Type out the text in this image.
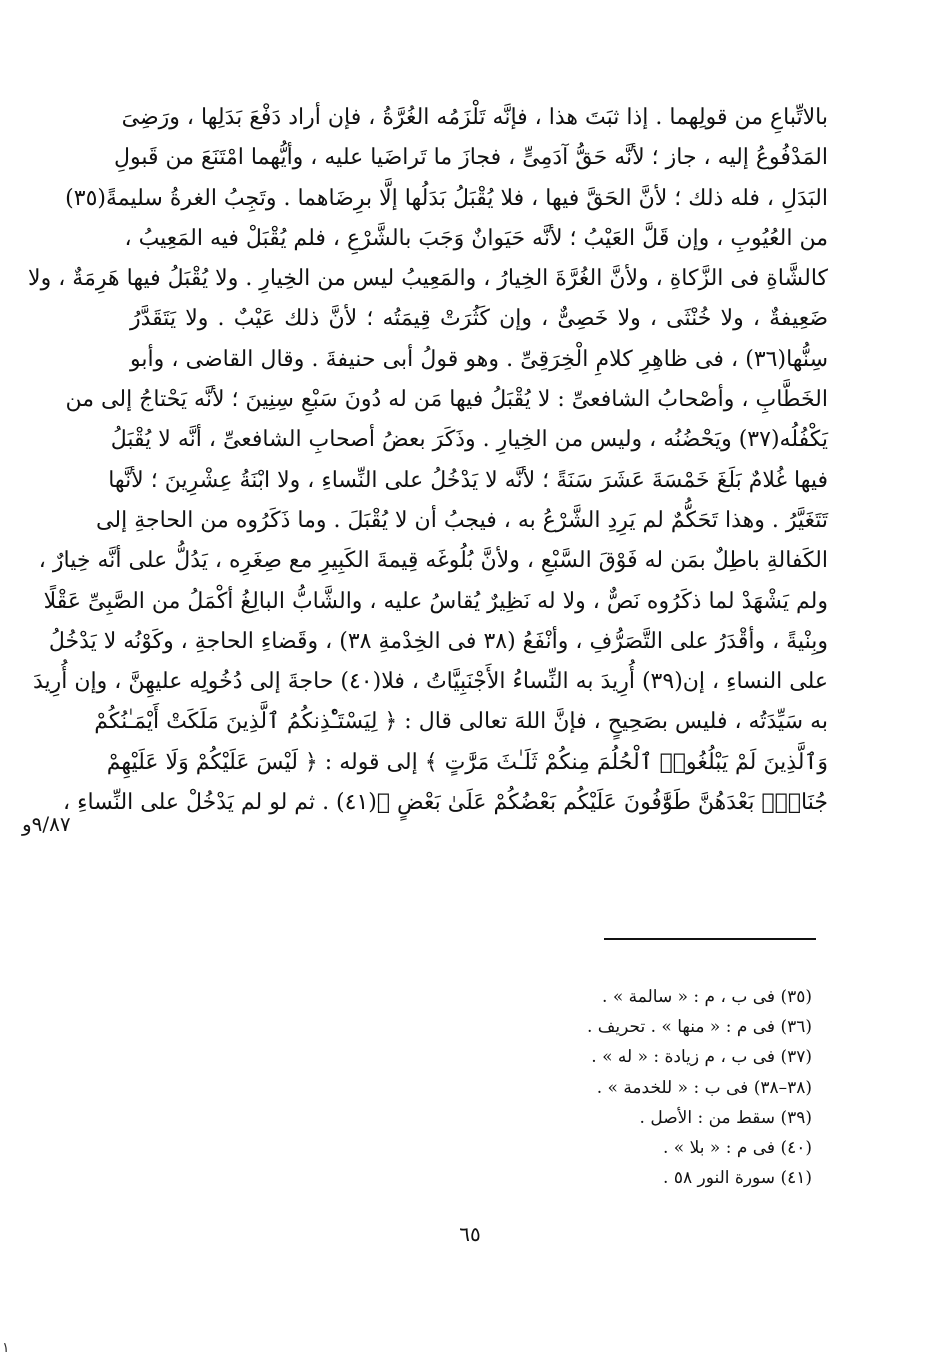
بالاتِّباعِ من قولِهما . إذا ثبَتَ هذا ، فإنَّه تَلْزَمُه الغُرَّةُ ، فإن أراد دَفْعَ بَدَلِها ، ورَضِىَ
المَدْفُوعُ إليه ، جاز ؛ لأنَّه حَقُّ آدَمِىٍّ ، فجازَ ما تَراضَيا عليه ، وأيُّهما امْتَنَعَ من قَبولِ
البَدَلِ ، فله ذلك ؛ لأنَّ الحَقَّ فيها ، فلا يُقْبَلُ بَدَلُها إلَّا برِضَاهما . وتَجِبُ الغرةُ سليمةً(٣٥)
من العُيُوبِ ، وإن قَلَّ العَيْبُ ؛ لأنَّه حَيَوانٌ وَجَبَ بالشَّرْعِ ، فلم يُقْبَلْ فيه المَعِيبُ ،
كالشَّاةِ فى الزَّكاةِ ، ولأنَّ الغُرَّةَ الخِيارُ ، والمَعِيبُ ليس من الخِيارِ . ولا يُقْبَلُ فيها هَرِمَةٌ ، ولا
ضَعِيفةٌ ، ولا خُنْثَى ، ولا خَصِىٌّ ، وإن كَثُرَتْ قِيمَتُه ؛ لأنَّ ذلك عَيْبٌ . ولا يَتَقَدَّرُ
سِنُّها(٣٦) ، فى ظاهِرِ كلامِ الْخِرَقِىِّ . وهو قولُ أبى حنيفةَ . وقال القاضى ، وأبو
الخَطَّابِ ، وأصْحابُ الشافعىِّ : لا يُقْبَلُ فيها مَن له دُونَ سَبْعِ سِنِينَ ؛ لأنَّه يَحْتاجُ إلى من
يَكْفُلُه(٣٧) ويَحْضُنُه ، وليس من الخِيارِ . وذَكَرَ بعضُ أصحابِ الشافعىِّ ، أنَّه لا يُقْبَلُ
فيها غُلامٌ بَلَغَ خَمْسَةَ عَشَرَ سَنَةً ؛ لأنَّه لا يَدْخُلُ على النِّساءِ ، ولا ابْنَةُ عِشْرِينَ ؛ لأنَّها
تَتَغَيَّرُ . وهذا تَحَكُّمٌ لم يَرِدِ الشَّرْعُ به ، فيجبُ أن لا يُقْبَلَ . وما ذَكَرُوه من الحاجةِ إلى
الكَفالةِ باطِلٌ بمَن له فَوْقَ السَّبْعِ ، ولأنَّ بُلُوغَه قِيمةَ الكَبِيرِ مع صِغَرِه ، يَدُلُّ على أنَّه خِيارٌ ،
ولم يَشْهَدْ لما ذكَرُوه نَصٌّ ، ولا له نَظِيرٌ يُقاسُ عليه ، والشَّابُّ البالِغُ أكْمَلُ من الصَّبِىِّ عَقْلًا
وبِنْيةً ، وأقْدَرُ على التَّصَرُّفِ ، وأنْفَعُ (٣٨ فى الخِدْمةِ ٣٨) ، وقَضاءِ الحاجةِ ، وكَوْنُه لا يَدْخُلُ
على النساءِ ، إن(٣٩) أُرِيدَ به النِّساءُ الأَجْنَبِيَّاتُ ، فلا(٤٠) حاجةَ إلى دُخُولِه عليهِنَّ ، وإن أُرِيدَ
به سَيِّدَتُه ، فليس بصَحِيحٍ ، فإنَّ اللهَ تعالى قال : ﴿ لِيَسْتَـْٔذِنكُمُ ٱلَّذِينَ مَلَكَتْ أَيْمَـٰنُكُمْ
وَٱلَّذِينَ لَمْ يَبْلُغُوا۟ ٱلْحُلُمَ مِنكُمْ ثَلَـٰثَ مَرَّٰتٍ ﴾ إلى قوله : ﴿ لَيْسَ عَلَيْكُمْ وَلَا عَلَيْهِمْ
جُنَاحٌۢ بَعْدَهُنَّ طَوَّٰفُونَ عَلَيْكُم بَعْضُكُمْ عَلَىٰ بَعْضٍ ﴾(٤١) . ثم لو لم يَدْخُلْ على النِّساءِ ،
٩/٨٧و
(٣٥) فى ب ، م : « سالمة » .
(٣٦) فى م : « منها » . تحريف .
(٣٧) فى ب ، م زيادة : « له » .
(٣٨–٣٨) فى ب : « للخدمة » .
(٣٩) سقط من : الأصل .
(٤٠) فى م : « بلا » .
(٤١) سورة النور ٥٨ .
٦٥
١
